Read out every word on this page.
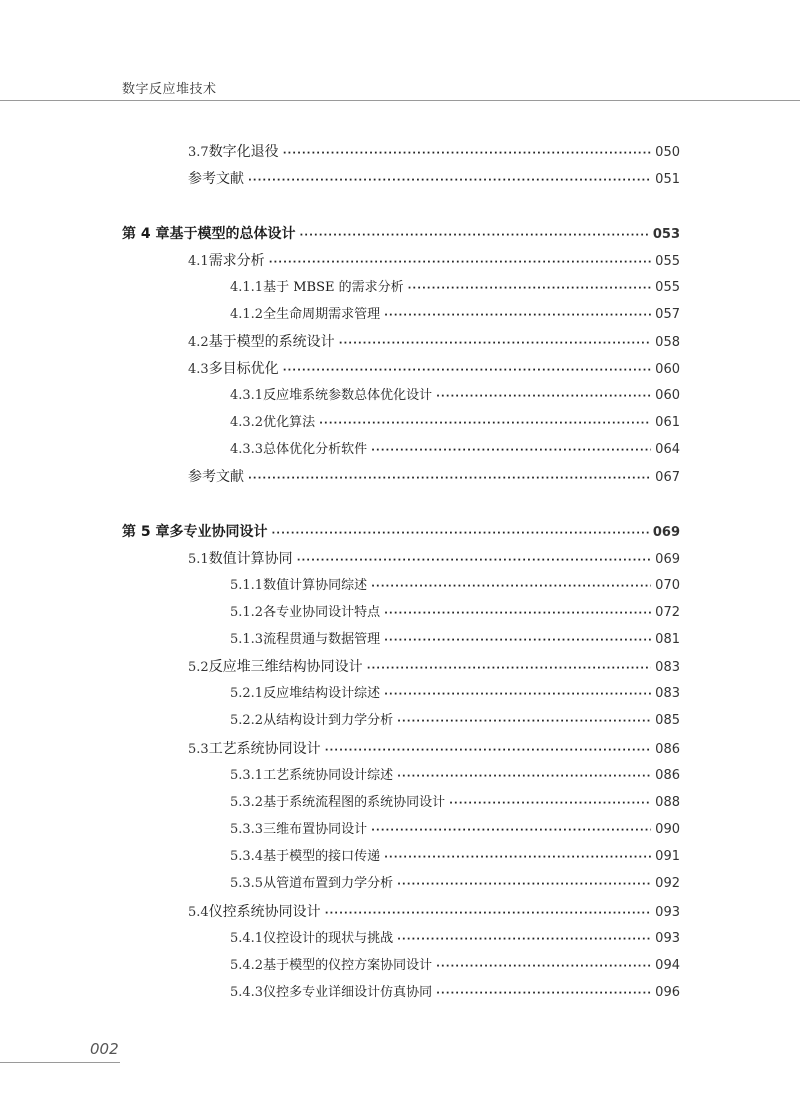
数字反应堆技术
3.7 数字化退役 ·····	050
参考文献 ·····	051
第 4 章 基于模型的总体设计 ·····	053
4.1 需求分析 ·····	055
4.1.1 基于 MBSE 的需求分析 ·····	055
4.1.2 全生命周期需求管理 ·····	057
4.2 基于模型的系统设计 ·····	058
4.3 多目标优化 ·····	060
4.3.1 反应堆系统参数总体优化设计 ·····	060
4.3.2 优化算法 ·····	061
4.3.3 总体优化分析软件 ·····	064
参考文献 ·····	067
第 5 章 多专业协同设计 ·····	069
5.1 数值计算协同 ·····	069
5.1.1 数值计算协同综述 ·····	070
5.1.2 各专业协同设计特点 ·····	072
5.1.3 流程贯通与数据管理 ·····	081
5.2 反应堆三维结构协同设计 ·····	083
5.2.1 反应堆结构设计综述 ·····	083
5.2.2 从结构设计到力学分析 ·····	085
5.3 工艺系统协同设计 ·····	086
5.3.1 工艺系统协同设计综述 ·····	086
5.3.2 基于系统流程图的系统协同设计 ·····	088
5.3.3 三维布置协同设计 ·····	090
5.3.4 基于模型的接口传递 ·····	091
5.3.5 从管道布置到力学分析 ·····	092
5.4 仪控系统协同设计 ·····	093
5.4.1 仪控设计的现状与挑战 ·····	093
5.4.2 基于模型的仪控方案协同设计 ·····	094
5.4.3 仪控多专业详细设计仿真协同 ·····	096
002
